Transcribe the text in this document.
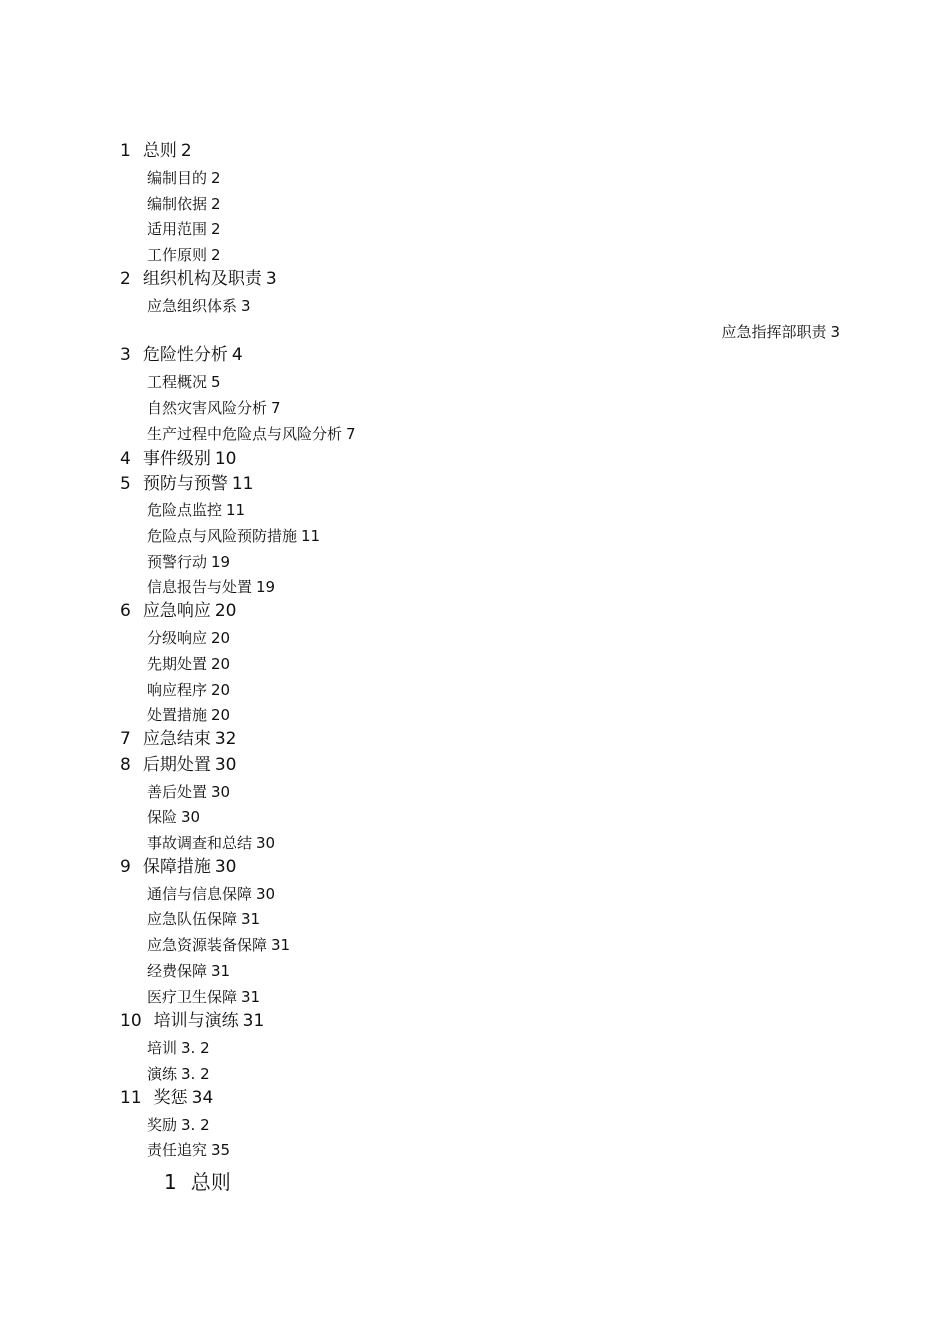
1 总则 2
编制目的 2
编制依据 2
适用范围 2
工作原则 2
2 组织机构及职责 3
应急组织体系 3
应急指挥部职责 3
3 危险性分析 4
工程概况 5
自然灾害风险分析 7
生产过程中危险点与风险分析 7
4 事件级别 10
5 预防与预警 11
危险点监控 11
危险点与风险预防措施 11
预警行动 19
信息报告与处置 19
6 应急响应 20
分级响应 20
先期处置 20
响应程序 20
处置措施 20
7 应急结束 32
8 后期处置 30
善后处置 30
保险 30
事故调查和总结 30
9 保障措施 30
通信与信息保障 30
应急队伍保障 31
应急资源装备保障 31
经费保障 31
医疗卫生保障 31
10 培训与演练 31
培训 3. 2
演练 3. 2
11 奖惩 34
奖励 3. 2
责任追究 35
1 总则
